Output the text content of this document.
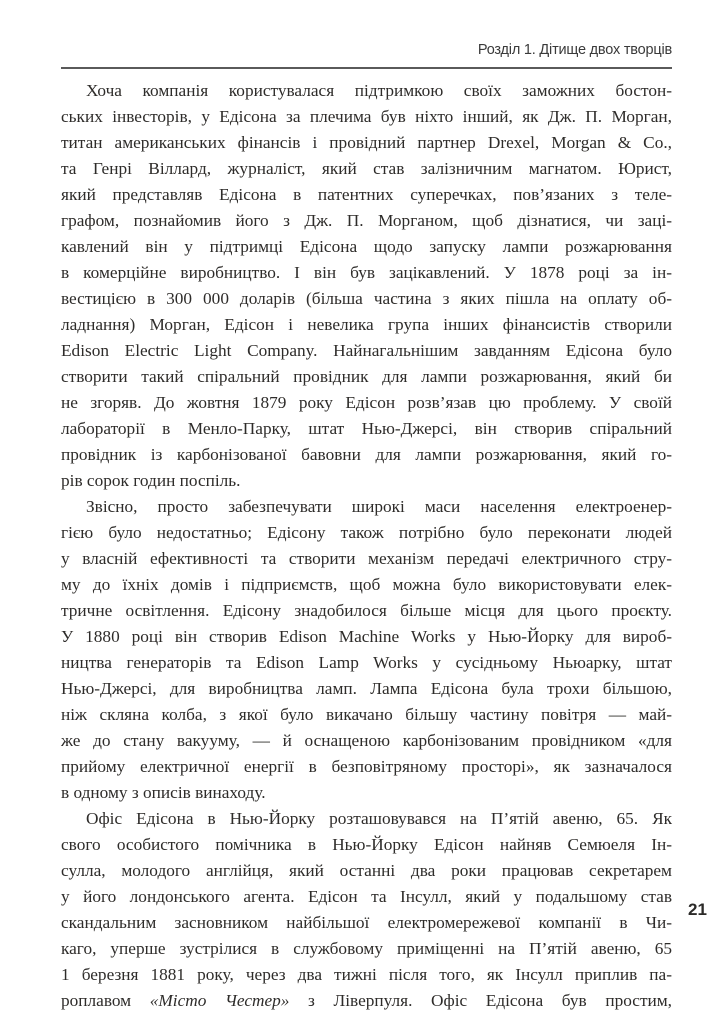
Розділ 1. Дітище двох творців
Хоча компанія користувалася підтримкою своїх заможних бостон-
ських інвесторів, у Едісона за плечима був ніхто інший, як Дж. П. Морган,
титан американських фінансів і провідний партнер Drexel, Morgan & Co.,
та Генрі Віллард, журналіст, який став залізничним магнатом. Юрист,
який представляв Едісона в патентних суперечках, пов’язаних з теле-
графом, познайомив його з Дж. П. Морганом, щоб дізнатися, чи заці-
кавлений він у підтримці Едісона щодо запуску лампи розжарювання
в комерційне виробництво. І він був зацікавлений. У 1878 році за ін-
вестицією в 300 000 доларів (більша частина з яких пішла на оплату об-
ладнання) Морган, Едісон і невелика група інших фінансистів створили
Edison Electric Light Company. Найнагальнішим завданням Едісона було
створити такий спіральний провідник для лампи розжарювання, який би
не згоряв. До жовтня 1879 року Едісон розв’язав цю проблему. У своїй
лабораторії в Менло-Парку, штат Нью-Джерсі, він створив спіральний
провідник із карбонізованої бавовни для лампи розжарювання, який го-
рів сорок годин поспіль.
Звісно, просто забезпечувати широкі маси населення електроенер-
гією було недостатньо; Едісону також потрібно було переконати людей
у власній ефективності та створити механізм передачі електричного стру-
му до їхніх домів і підприємств, щоб можна було використовувати елек-
тричне освітлення. Едісону знадобилося більше місця для цього проєкту.
У 1880 році він створив Edison Machine Works у Нью-Йорку для вироб-
ництва генераторів та Edison Lamp Works у сусідньому Ньюарку, штат
Нью-Джерсі, для виробництва ламп. Лампа Едісона була трохи більшою,
ніж скляна колба, з якої було викачано більшу частину повітря — май-
же до стану вакууму, — й оснащеною карбонізованим провідником «для
прийому електричної енергії в безповітряному просторі», як зазначалося
в одному з описів винаходу.
Офіс Едісона в Нью-Йорку розташовувався на П’ятій авеню, 65. Як
свого особистого помічника в Нью-Йорку Едісон найняв Семюеля Ін-
сулла, молодого англійця, який останні два роки працював секретарем
у його лондонського агента. Едісон та Інсулл, який у подальшому став
скандальним засновником найбільшої електромережевої компанії в Чи-
каго, уперше зустрілися в службовому приміщенні на П’ятій авеню, 65
1 березня 1881 року, через два тижні після того, як Інсулл приплив па-
роплавом «Місто Честер» з Ліверпуля. Офіс Едісона був простим,
21
